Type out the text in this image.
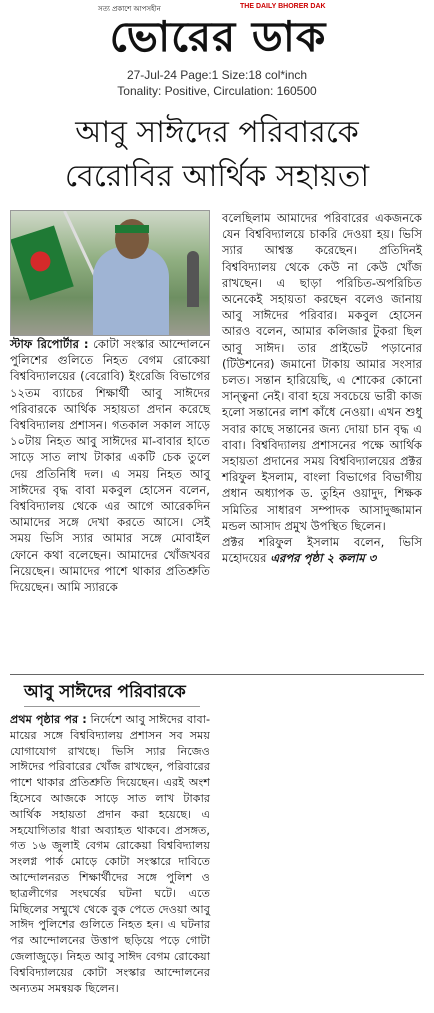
সত্য প্রকাশে আপসহীন	THE DAILY BHORER DAK
ভোরের ডাক
27-Jul-24 Page:1 Size:18 col*inch
Tonality: Positive, Circulation: 160500
আবু সাঈদের পরিবারকে
বেরোবির আর্থিক সহায়তা

স্টাফ রিপোর্টার : কোটা সংস্কার আন্দোলনে পুলিশের গুলিতে নিহত বেগম রোকেয়া বিশ্ববিদ্যালয়ের (বেরোবি) ইংরেজি বিভাগের ১২তম ব্যাচের শিক্ষার্থী আবু সাঈদের পরিবারকে আর্থিক সহায়তা প্রদান করেছে বিশ্ববিদ্যালয় প্রশাসন। গতকাল সকাল সাড়ে ১০টায় নিহত আবু সাঈদের মা-বাবার হাতে সাড়ে সাত লাখ টাকার একটি চেক তুলে দেয় প্রতিনিধি দল। এ সময় নিহত আবু সাঈদের বৃদ্ধ বাবা মকবুল হোসেন বলেন, বিশ্ববিদ্যালয় থেকে এর আগে আরেকদিন আমাদের সঙ্গে দেখা করতে আসে। সেই সময় ভিসি স্যার আমার সঙ্গে মোবাইল ফোনে কথা বলেছেন। আমাদের খোঁজখবর নিয়েছেন। আমাদের পাশে থাকার প্রতিশ্রুতি দিয়েছেন। আমি স্যারকে

বলেছিলাম আমাদের পরিবারের একজনকে যেন বিশ্ববিদ্যালয়ে চাকরি দেওয়া হয়। ভিসি স্যার আশ্বস্ত করেছেন। প্রতিদিনই বিশ্ববিদ্যালয় থেকে কেউ না কেউ খোঁজ রাখছেন। এ ছাড়া পরিচিত-অপরিচিত অনেকেই সহায়তা করছেন বলেও জানায় আবু সাঈদের পরিবার। মকবুল হোসেন আরও বলেন, আমার কলিজার টুকরা ছিল আবু সাঈদ। তার প্রাইভেট পড়ানোর (টিউশনের) জমানো টাকায় আমার সংসার চলত। সন্তান হারিয়েছি, এ শোকের কোনো সান্ত্বনা নেই। বাবা হয়ে সবচেয়ে ভারী কাজ হলো সন্তানের লাশ কাঁধে নেওয়া। এখন শুধু সবার কাছে সন্তানের জন্য দোয়া চান বৃদ্ধ এ বাবা। বিশ্ববিদ্যালয় প্রশাসনের পক্ষে আর্থিক সহায়তা প্রদানের সময় বিশ্ববিদ্যালয়ের প্রক্টর শরিফুল ইসলাম, বাংলা বিভাগের বিভাগীয় প্রধান অধ্যাপক ড. তুহিন ওয়াদুদ, শিক্ষক সমিতির সাধারণ সম্পাদক আসাদুজ্জামান মন্ডল আসাদ প্রমুখ উপস্থিত ছিলেন।

প্রক্টর শরিফুল ইসলাম বলেন, ভিসি মহোদয়ের এরপর পৃষ্ঠা ২ কলাম ৩

আবু সাঈদের পরিবারকে

প্রথম পৃষ্ঠার পর : নির্দেশে আবু সাঈদের বাবা-মায়ের সঙ্গে বিশ্ববিদ্যালয় প্রশাসন সব সময় যোগাযোগ রাখছে। ভিসি স্যার নিজেও সাঈদের পরিবারের খোঁজ রাখছেন, পরিবারের পাশে থাকার প্রতিশ্রুতি দিয়েছেন। এরই অংশ হিসেবে আজকে সাড়ে সাত লাখ টাকার আর্থিক সহায়তা প্রদান করা হয়েছে। এ সহযোগিতার ধারা অব্যাহত থাকবে। প্রসঙ্গত, গত ১৬ জুলাই বেগম রোকেয়া বিশ্ববিদ্যালয় সংলগ্ন পার্ক মোড়ে কোটা সংস্কারে দাবিতে আন্দোলনরত শিক্ষার্থীদের সঙ্গে পুলিশ ও ছাত্রলীগের সংঘর্ষের ঘটনা ঘটে। এতে মিছিলের সম্মুখে থেকে বুক পেতে দেওয়া আবু সাঈদ পুলিশের গুলিতে নিহত হন। এ ঘটনার পর আন্দোলনের উত্তাপ ছড়িয়ে পড়ে গোটা জেলাজুড়ে। নিহত আবু সাঈদ বেগম রোকেয়া বিশ্ববিদ্যালয়ের কোটা সংস্কার আন্দোলনের অন্যতম সমন্বয়ক ছিলেন।
